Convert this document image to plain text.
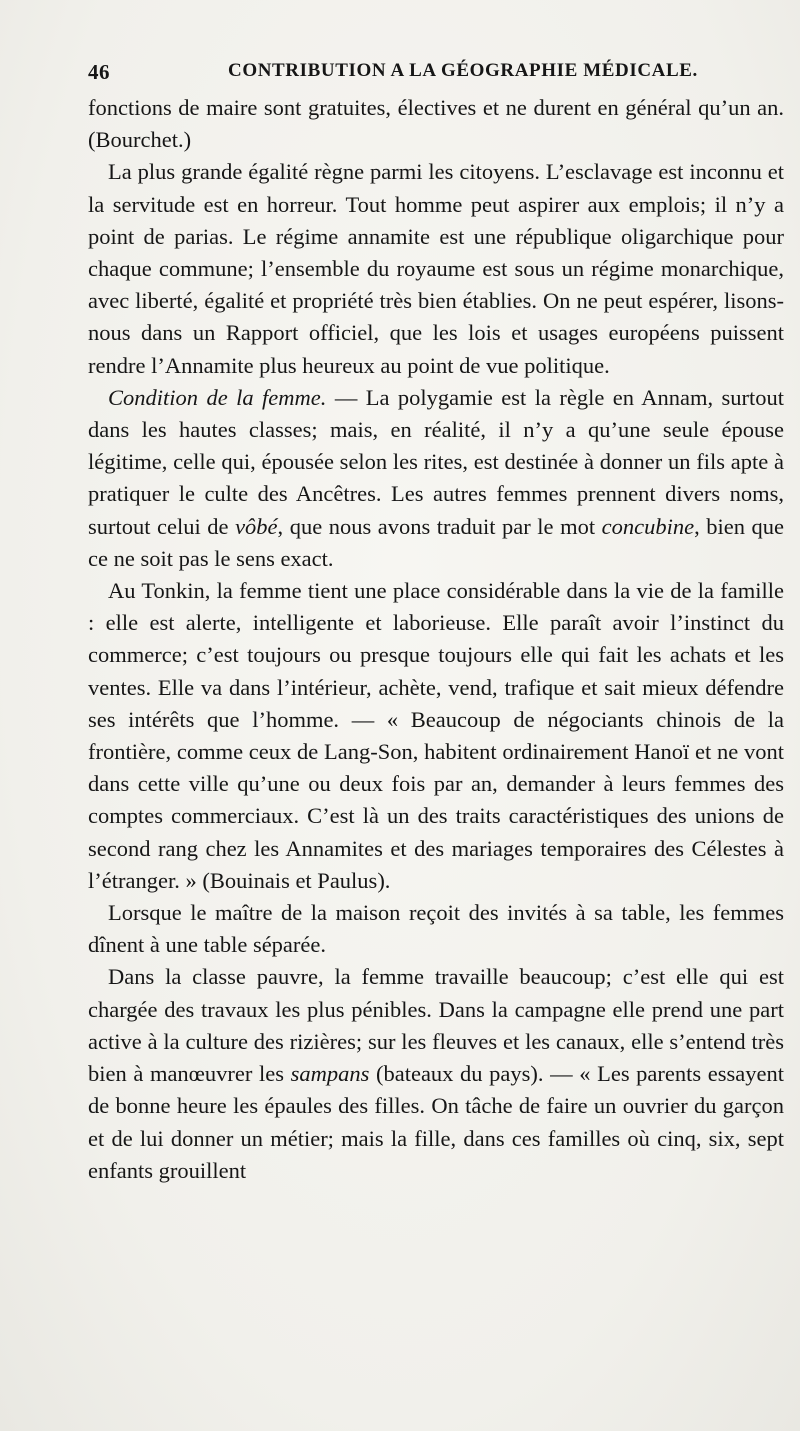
46	CONTRIBUTION A LA GÉOGRAPHIE MÉDICALE.

fonctions de maire sont gratuites, électives et ne durent en général qu’un an. (Bourchet.)

La plus grande égalité règne parmi les citoyens. L’esclavage est inconnu et la servitude est en horreur. Tout homme peut aspirer aux emplois; il n’y a point de parias. Le régime annamite est une république oligarchique pour chaque commune; l’ensemble du royaume est sous un régime monarchique, avec liberté, égalité et propriété très bien établies. On ne peut espérer, lisons-nous dans un Rapport officiel, que les lois et usages européens puissent rendre l’Annamite plus heureux au point de vue politique.

Condition de la femme. — La polygamie est la règle en Annam, surtout dans les hautes classes; mais, en réalité, il n’y a qu’une seule épouse légitime, celle qui, épousée selon les rites, est destinée à donner un fils apte à pratiquer le culte des Ancêtres. Les autres femmes prennent divers noms, surtout celui de vôbé, que nous avons traduit par le mot concubine, bien que ce ne soit pas le sens exact.

Au Tonkin, la femme tient une place considérable dans la vie de la famille : elle est alerte, intelligente et laborieuse. Elle paraît avoir l’instinct du commerce; c’est toujours ou presque toujours elle qui fait les achats et les ventes. Elle va dans l’intérieur, achète, vend, trafique et sait mieux défendre ses intérêts que l’homme. — « Beaucoup de négociants chinois de la frontière, comme ceux de Lang-Son, habitent ordinairement Hanoï et ne vont dans cette ville qu’une ou deux fois par an, demander à leurs femmes des comptes commerciaux. C’est là un des traits caractéristiques des unions de second rang chez les Annamites et des mariages temporaires des Célestes à l’étranger. » (Bouinais et Paulus).

Lorsque le maître de la maison reçoit des invités à sa table, les femmes dînent à une table séparée.

Dans la classe pauvre, la femme travaille beaucoup; c’est elle qui est chargée des travaux les plus pénibles. Dans la campagne elle prend une part active à la culture des rizières; sur les fleuves et les canaux, elle s’entend très bien à manœuvrer les sampans (bateaux du pays). — « Les parents essayent de bonne heure les épaules des filles. On tâche de faire un ouvrier du garçon et de lui donner un métier; mais la fille, dans ces familles où cinq, six, sept enfants grouillent
